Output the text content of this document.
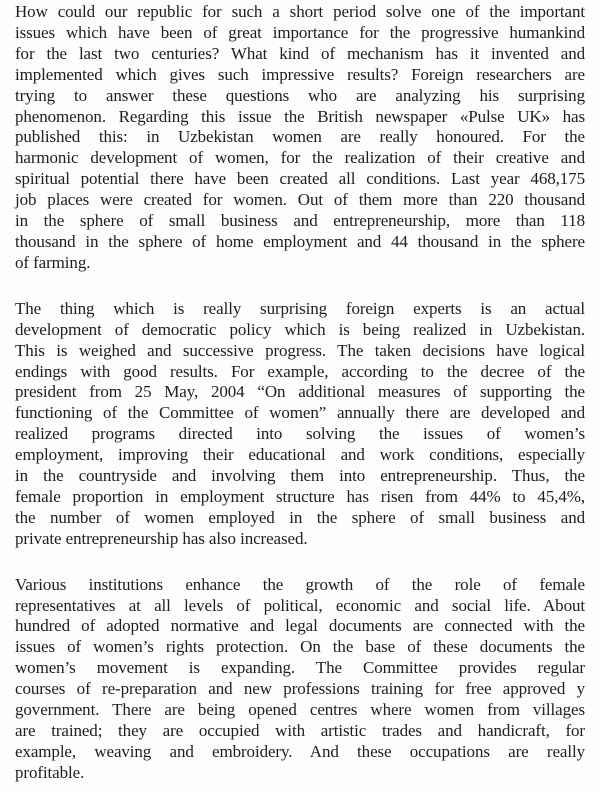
How could our republic for such a short period solve one of the important
issues which have been of great importance for the progressive humankind
for the last two centuries? What kind of mechanism has it invented and
implemented which gives such impressive results? Foreign researchers are
trying to answer these questions who are analyzing his surprising
phenomenon. Regarding this issue the British newspaper «Pulse UK» has
published this: in Uzbekistan women are really honoured. For the
harmonic development of women, for the realization of their creative and
spiritual potential there have been created all conditions. Last year 468,175
job places were created for women. Out of them more than 220 thousand
in the sphere of small business and entrepreneurship, more than 118
thousand in the sphere of home employment and 44 thousand in the sphere
of farming.
The thing which is really surprising foreign experts is an actual
development of democratic policy which is being realized in Uzbekistan.
This is weighed and successive progress. The taken decisions have logical
endings with good results. For example, according to the decree of the
president from 25 May, 2004 “On additional measures of supporting the
functioning of the Committee of women” annually there are developed and
realized programs directed into solving the issues of women’s
employment, improving their educational and work conditions, especially
in the countryside and involving them into entrepreneurship. Thus, the
female proportion in employment structure has risen from 44% to 45,4%,
the number of women employed in the sphere of small business and
private entrepreneurship has also increased.
Various institutions enhance the growth of the role of female
representatives at all levels of political, economic and social life. About
hundred of adopted normative and legal documents are connected with the
issues of women’s rights protection. On the base of these documents the
women’s movement is expanding. The Committee provides regular
courses of re-preparation and new professions training for free approved y
government. There are being opened centres where women from villages
are trained; they are occupied with artistic trades and handicraft, for
example, weaving and embroidery. And these occupations are really
profitable.
